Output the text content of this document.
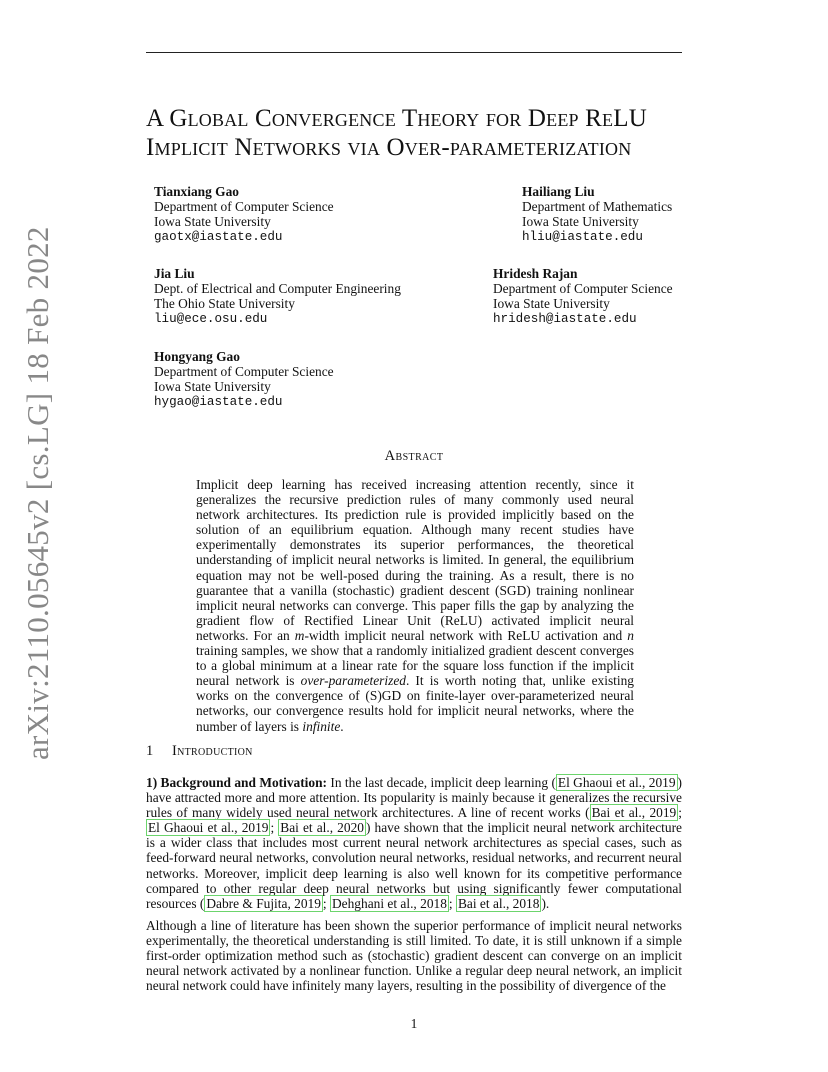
arXiv:2110.05645v2 [cs.LG] 18 Feb 2022
A Global Convergence Theory for Deep ReLU
Implicit Networks via Over-parameterization
Tianxiang Gao
Department of Computer Science
Iowa State University
gaotx@iastate.edu
Hailiang Liu
Department of Mathematics
Iowa State University
hliu@iastate.edu
Jia Liu
Dept. of Electrical and Computer Engineering
The Ohio State University
liu@ece.osu.edu
Hridesh Rajan
Department of Computer Science
Iowa State University
hridesh@iastate.edu
Hongyang Gao
Department of Computer Science
Iowa State University
hygao@iastate.edu
Abstract
Implicit deep learning has received increasing attention recently, since it generalizes the recursive prediction rules of many commonly used neural network architectures. Its prediction rule is provided implicitly based on the solution of an equilibrium equation. Although many recent studies have experimentally demonstrates its superior performances, the theoretical understanding of implicit neural networks is limited. In general, the equilibrium equation may not be well-posed during the training. As a result, there is no guarantee that a vanilla (stochastic) gradient descent (SGD) training nonlinear implicit neural networks can converge. This paper fills the gap by analyzing the gradient flow of Rectified Linear Unit (ReLU) activated implicit neural networks. For an m-width implicit neural network with ReLU activation and n training samples, we show that a randomly initialized gradient descent converges to a global minimum at a linear rate for the square loss function if the implicit neural network is over-parameterized. It is worth noting that, unlike existing works on the convergence of (S)GD on finite-layer over-parameterized neural networks, our convergence results hold for implicit neural networks, where the number of layers is infinite.
1 Introduction
1) Background and Motivation: In the last decade, implicit deep learning ( El Ghaoui et al., 2019 ) have attracted more and more attention. Its popularity is mainly because it generalizes the recursive rules of many widely used neural network architectures. A line of recent works ( Bai et al., 2019 ; El Ghaoui et al., 2019 ; Bai et al., 2020 ) have shown that the implicit neural network architecture is a wider class that includes most current neural network architectures as special cases, such as feed-forward neural networks, convolution neural networks, residual networks, and recurrent neural networks. Moreover, implicit deep learning is also well known for its competitive performance compared to other regular deep neural networks but using significantly fewer computational resources ( Dabre & Fujita, 2019 ; Dehghani et al., 2018 ; Bai et al., 2018 ).
Although a line of literature has been shown the superior performance of implicit neural networks experimentally, the theoretical understanding is still limited. To date, it is still unknown if a simple first-order optimization method such as (stochastic) gradient descent can converge on an implicit neural network activated by a nonlinear function. Unlike a regular deep neural network, an implicit neural network could have infinitely many layers, resulting in the possibility of divergence of the
1
